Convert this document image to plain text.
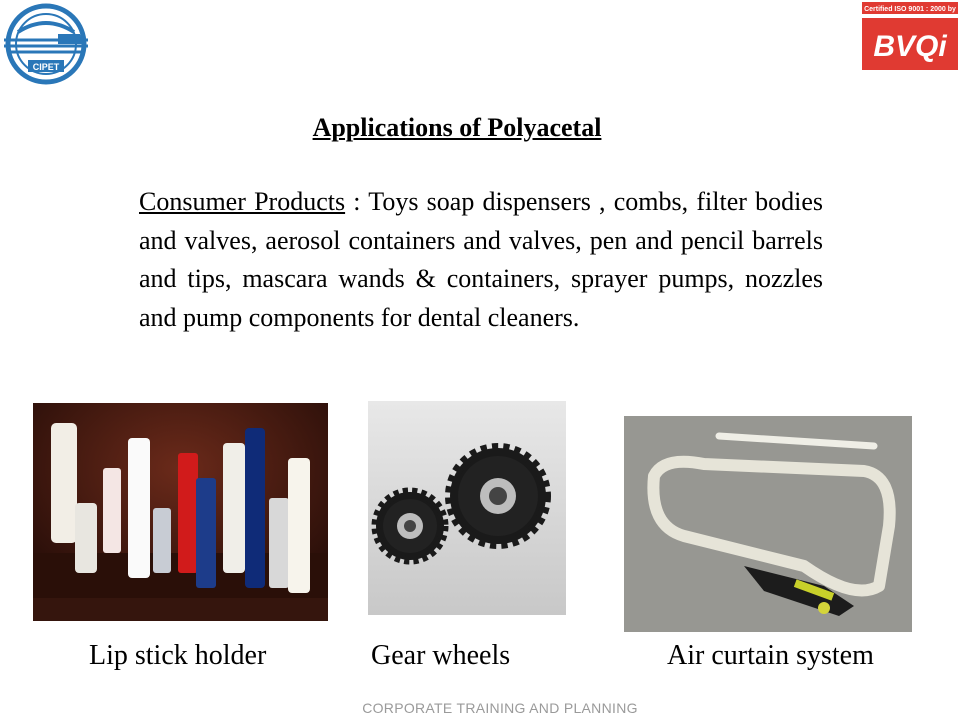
CIPET
Certified ISO 9001 : 2000 by
BVQi
Applications of Polyacetal
Consumer Products : Toys soap dispensers , combs, filter bodies and valves, aerosol containers and valves, pen and pencil barrels and tips, mascara wands & containers, sprayer pumps, nozzles and pump components for dental cleaners.
Lip stick holder	Gear wheels	Air curtain system
CORPORATE TRAINING AND PLANNING
